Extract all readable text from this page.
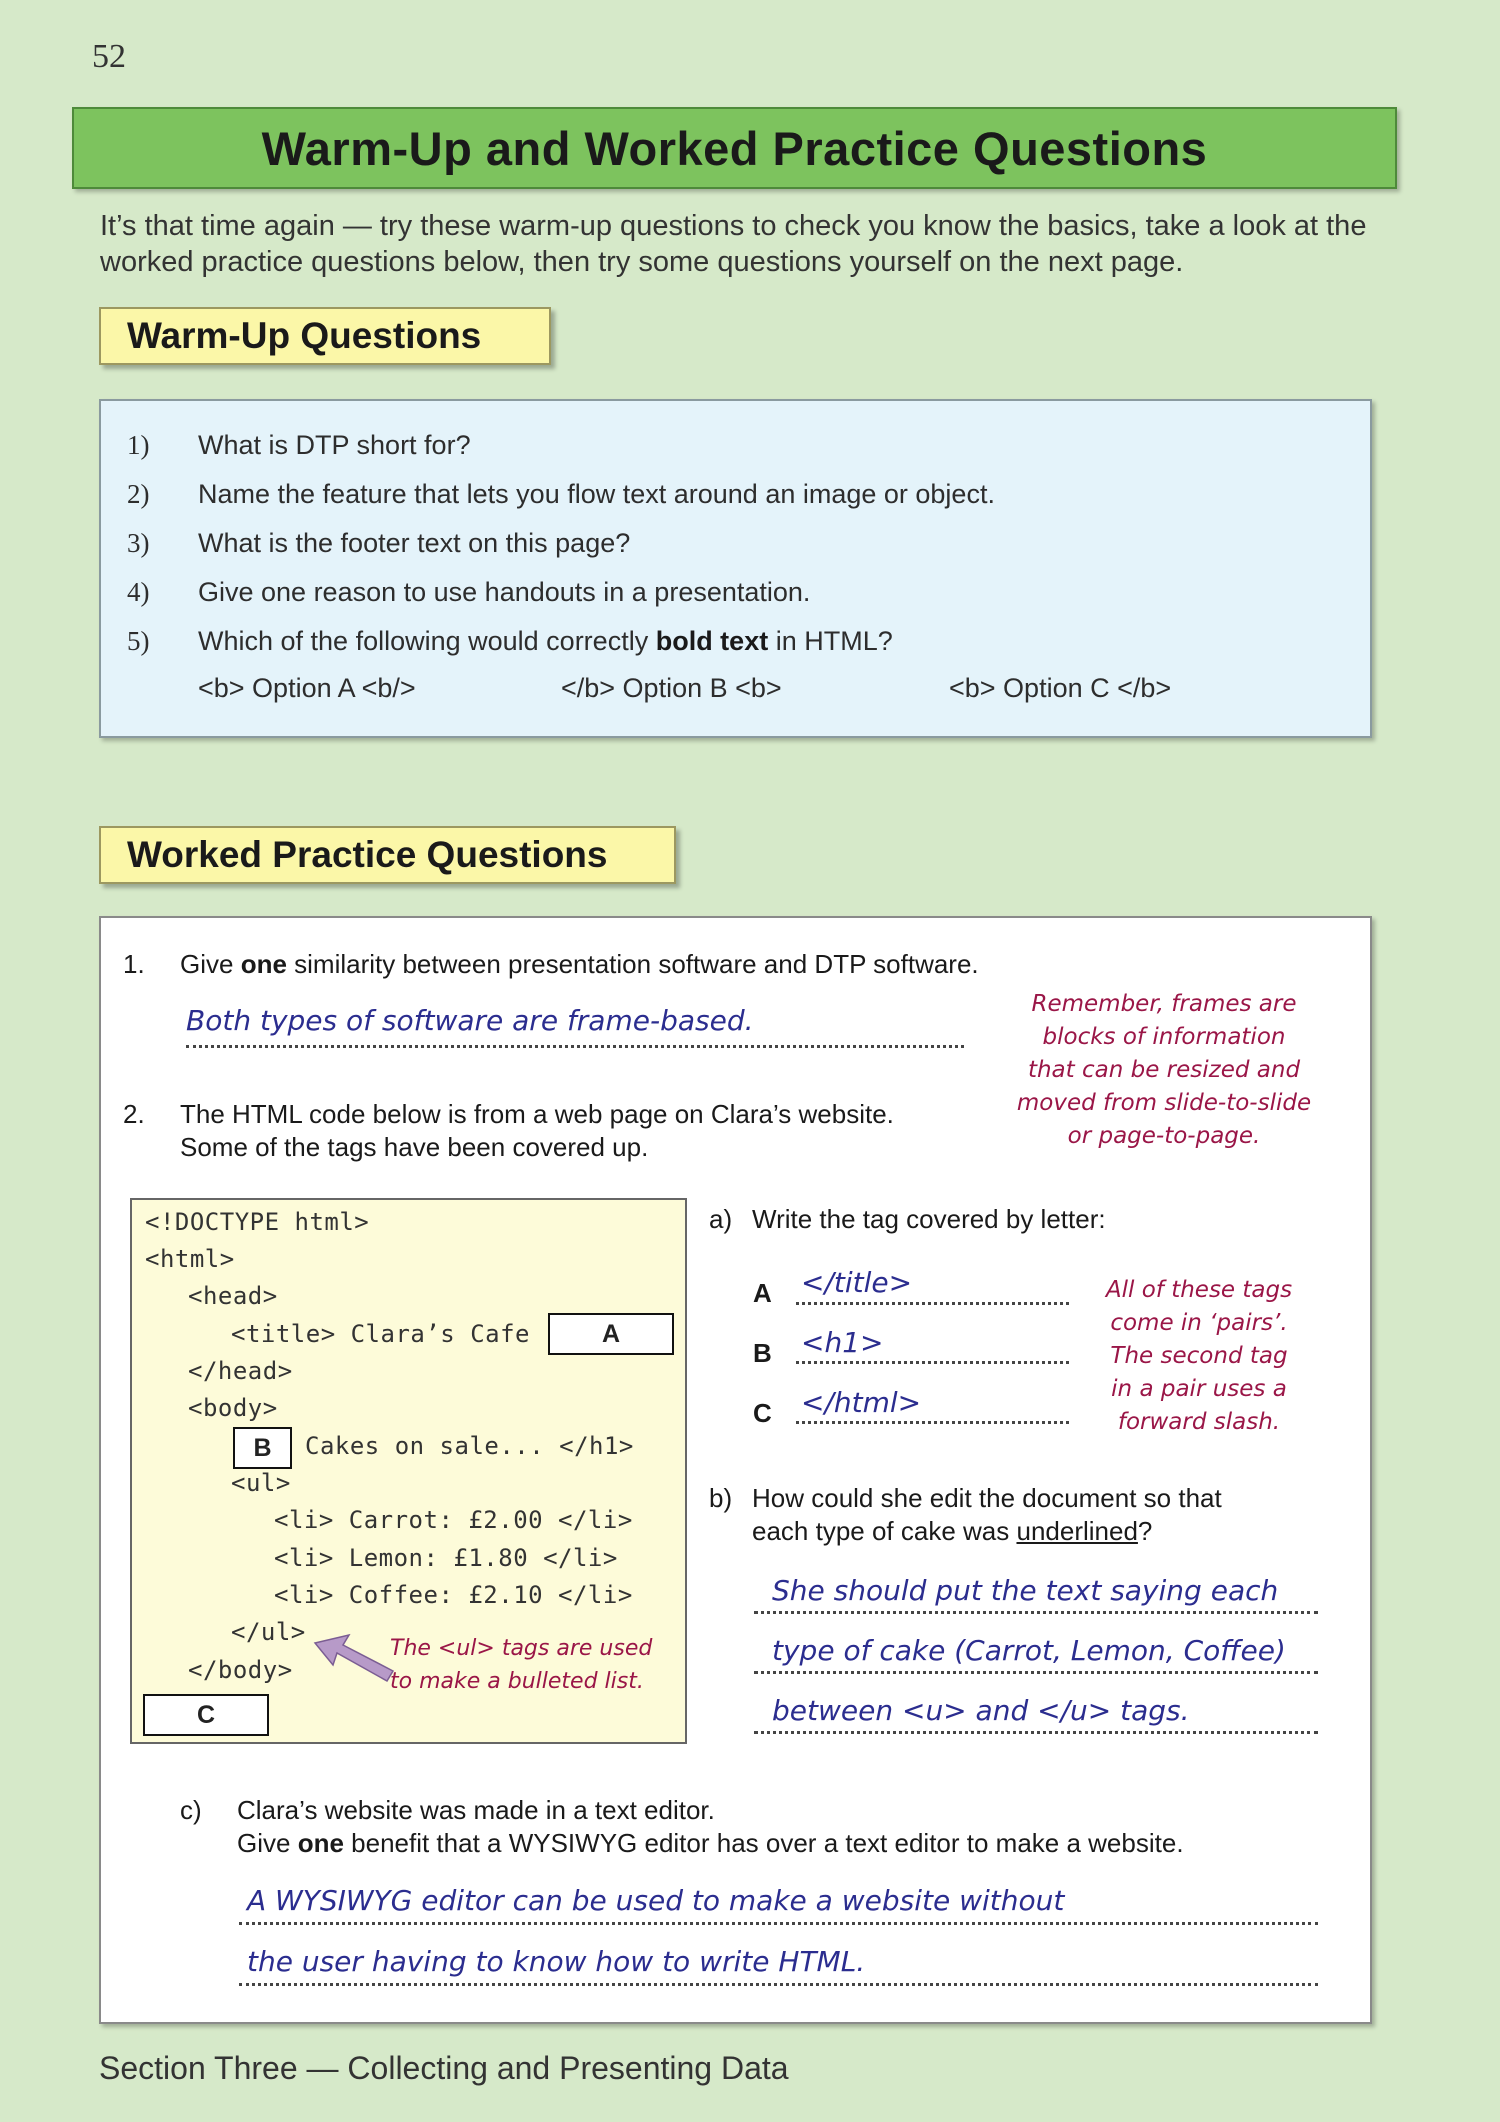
52
Warm-Up and Worked Practice Questions
It’s that time again — try these warm-up questions to check you know the basics, take a look at the worked practice questions below, then try some questions yourself on the next page.
Warm-Up Questions
1)	What is DTP short for?
2)	Name the feature that lets you flow text around an image or object.
3)	What is the footer text on this page?
4)	Give one reason to use handouts in a presentation.
5)	Which of the following would correctly bold text in HTML?
<b> Option A <b/>	</b> Option B <b>	<b> Option C </b>
Worked Practice Questions
1. Give one similarity between presentation software and DTP software.
Both types of software are frame-based.	Remember, frames are
blocks of information
that can be resized and
moved from slide-to-slide
or page-to-page.
2. The HTML code below is from a web page on Clara’s website.
Some of the tags have been covered up.
<!DOCTYPE html>
<html>
<head>
<title> Clara’s Cafe	A
</head>
<body>
B	Cakes on sale... </h1>
<ul>
<li> Carrot: £2.00 </li>
<li> Lemon: £1.80 </li>
<li> Coffee: £2.10 </li>
</ul>
</body>
C
The <ul> tags are used
to make a bulleted list.
a) Write the tag covered by letter:
A </title>
B <h1>
C </html>
All of these tags
come in ‘pairs’.
The second tag
in a pair uses a
forward slash.
b) How could she edit the document so that
each type of cake was underlined?
She should put the text saying each
type of cake (Carrot, Lemon, Coffee)
between <u> and </u> tags.
c) Clara’s website was made in a text editor.
Give one benefit that a WYSIWYG editor has over a text editor to make a website.
A WYSIWYG editor can be used to make a website without
the user having to know how to write HTML.
Section Three — Collecting and Presenting Data
